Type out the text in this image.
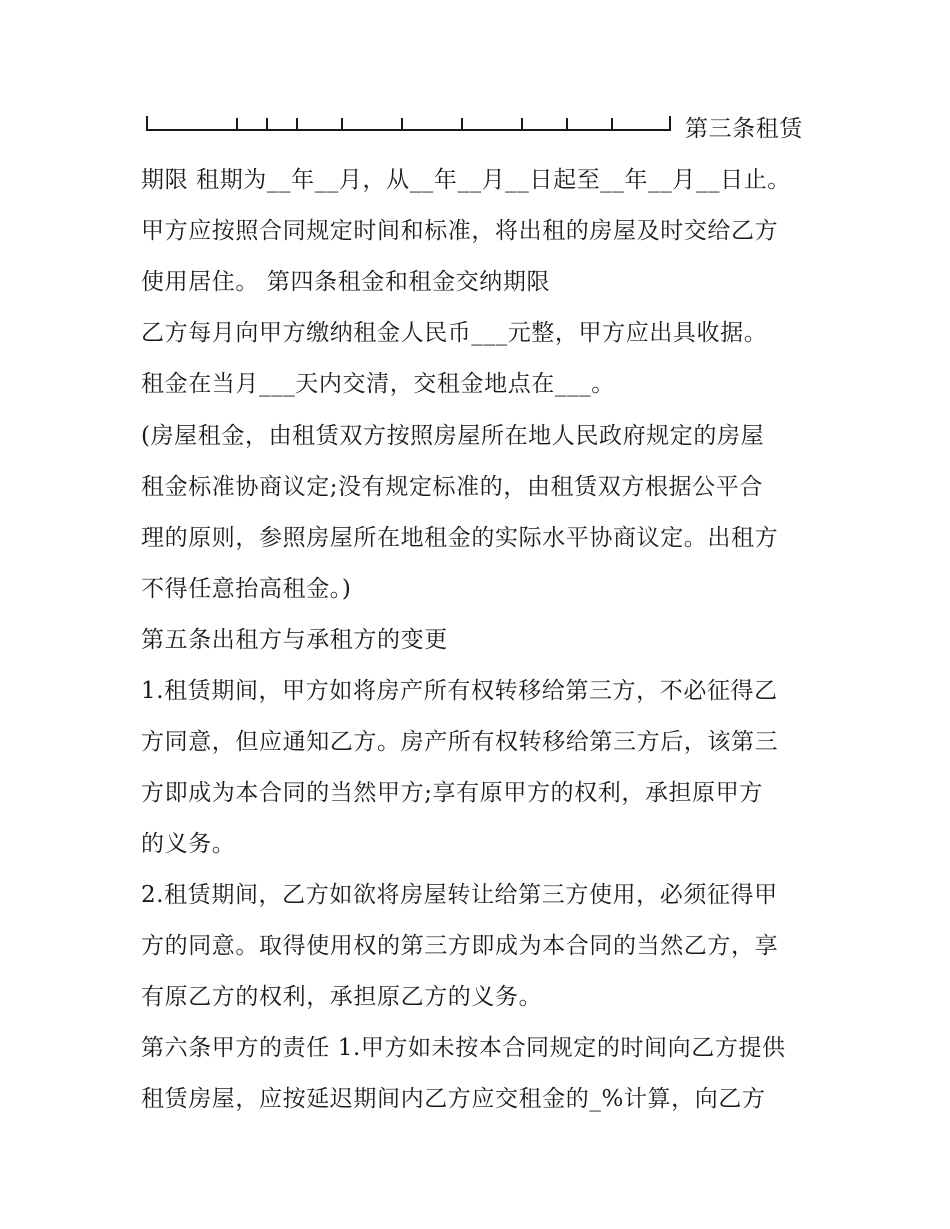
第三条租赁
期限 租期为__年__月，从__年__月__日起至__年__月__日止。
甲方应按照合同规定时间和标准，将出租的房屋及时交给乙方
使用居住。 第四条租金和租金交纳期限
乙方每月向甲方缴纳租金人民币___元整，甲方应出具收据。
租金在当月___天内交清，交租金地点在___。
(房屋租金，由租赁双方按照房屋所在地人民政府规定的房屋
租金标准协商议定;没有规定标准的，由租赁双方根据公平合
理的原则，参照房屋所在地租金的实际水平协商议定。出租方
不得任意抬高租金。)
第五条出租方与承租方的变更
1.租赁期间，甲方如将房产所有权转移给第三方，不必征得乙
方同意，但应通知乙方。房产所有权转移给第三方后，该第三
方即成为本合同的当然甲方;享有原甲方的权利，承担原甲方
的义务。
2.租赁期间，乙方如欲将房屋转让给第三方使用，必须征得甲
方的同意。取得使用权的第三方即成为本合同的当然乙方，享
有原乙方的权利，承担原乙方的义务。
第六条甲方的责任 1.甲方如未按本合同规定的时间向乙方提供
租赁房屋，应按延迟期间内乙方应交租金的_%计算，向乙方
